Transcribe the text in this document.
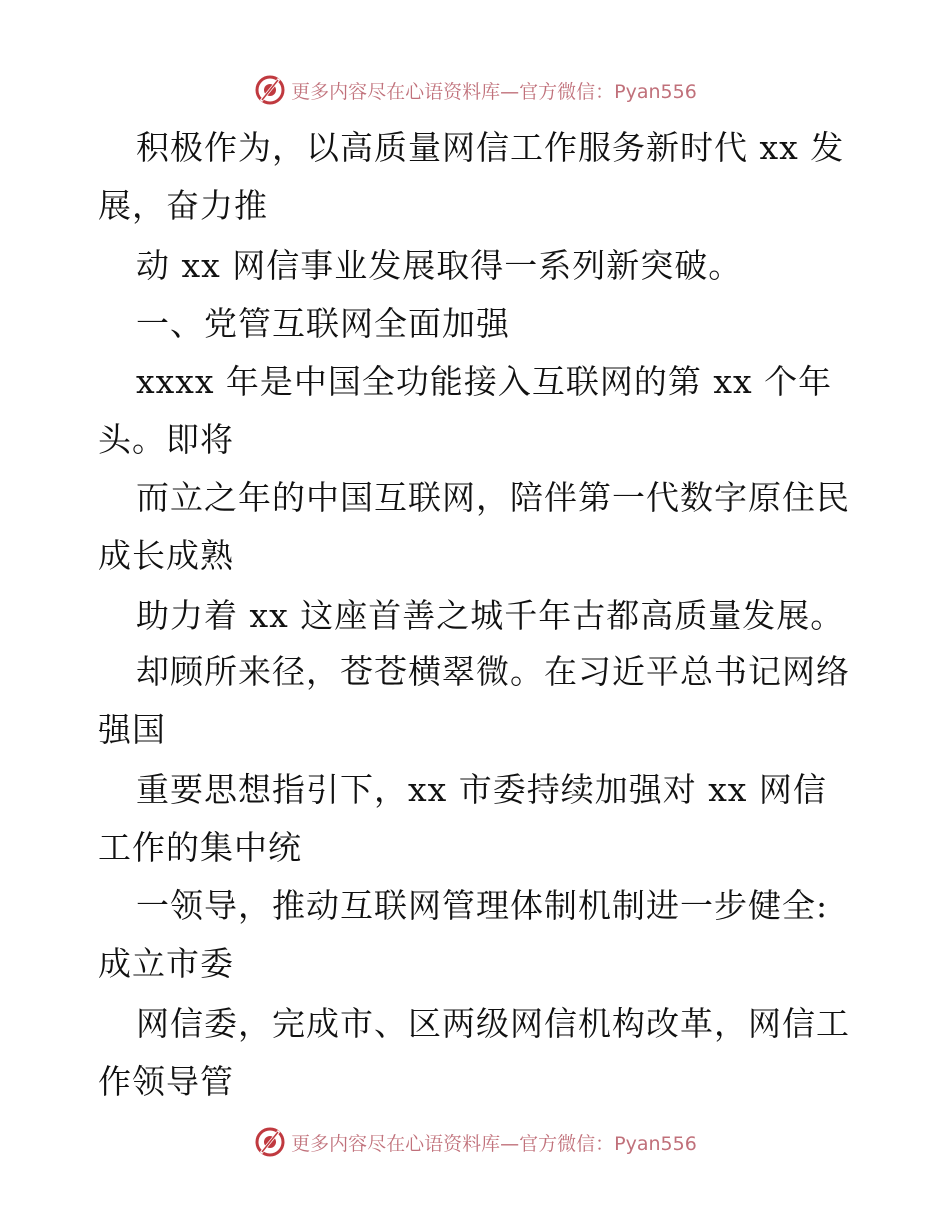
更多内容尽在心语资料库—官方微信：Pyan556
积极作为，以高质量网信工作服务新时代 xx 发
展，奋力推
动 xx 网信事业发展取得一系列新突破。
一、党管互联网全面加强
xxxx 年是中国全功能接入互联网的第 xx 个年
头。即将
而立之年的中国互联网，陪伴第一代数字原住民
成长成熟
助力着 xx 这座首善之城千年古都高质量发展。
却顾所来径，苍苍横翠微。在习近平总书记网络
强国
重要思想指引下，xx 市委持续加强对 xx 网信
工作的集中统
一领导，推动互联网管理体制机制进一步健全:
成立市委
网信委，完成市、区两级网信机构改革，网信工
作领导管
更多内容尽在心语资料库—官方微信：Pyan556
